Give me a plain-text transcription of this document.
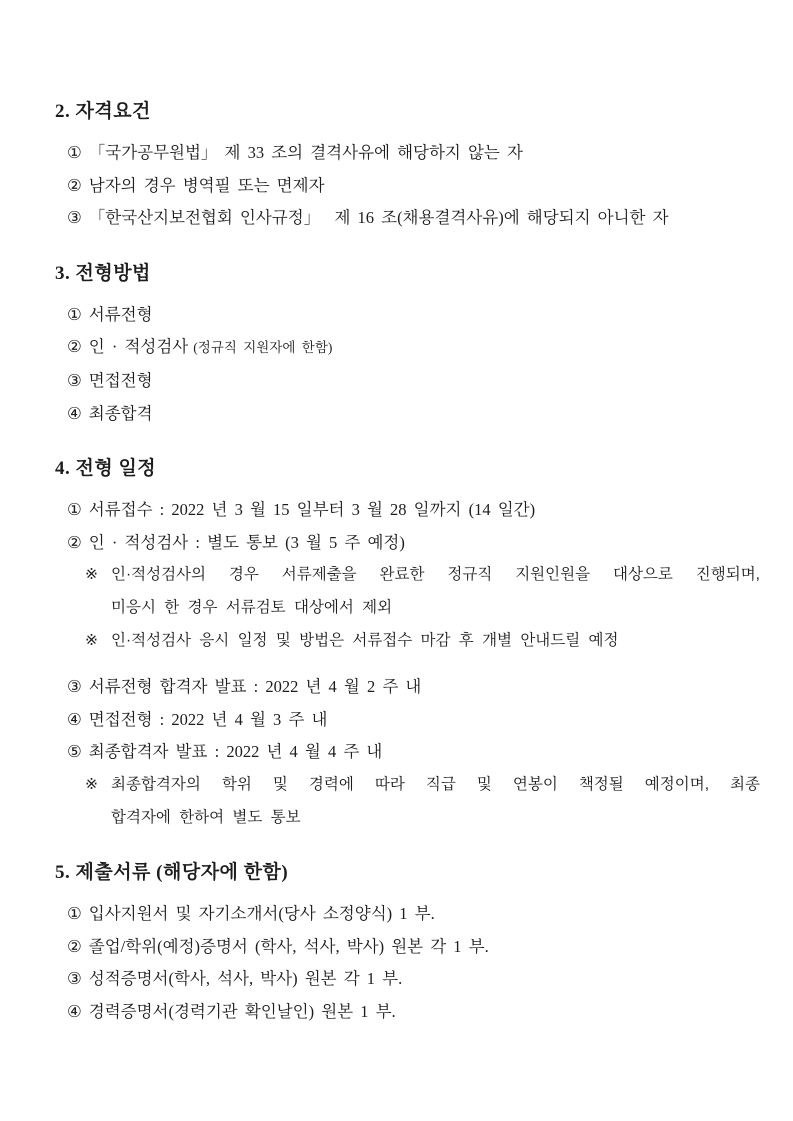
2. 자격요건
① 「국가공무원법」 제 33 조의 결격사유에 해당하지 않는 자
② 남자의 경우 병역필 또는 면제자
③ 「한국산지보전협회 인사규정」  제 16 조(채용결격사유)에 해당되지 아니한 자
3. 전형방법
① 서류전형
② 인 · 적성검사 (정규직 지원자에 한함)
③ 면접전형
④ 최종합격
4. 전형 일정
① 서류접수 : 2022 년 3 월 15 일부터 3 월 28 일까지 (14 일간)
② 인 · 적성검사 : 별도 통보 (3 월 5 주 예정)
※ 인·적성검사의 경우 서류제출을 완료한 정규직 지원인원을 대상으로 진행되며,
미응시 한 경우 서류검토 대상에서 제외
※ 인·적성검사 응시 일정 및 방법은 서류접수 마감 후 개별 안내드릴 예정
③ 서류전형 합격자 발표 : 2022 년 4 월 2 주 내
④ 면접전형 : 2022 년 4 월 3 주 내
⑤ 최종합격자 발표 : 2022 년 4 월 4 주 내
※ 최종합격자의 학위 및 경력에 따라 직급 및 연봉이 책정될 예정이며, 최종
합격자에 한하여 별도 통보
5. 제출서류 (해당자에 한함)
① 입사지원서 및 자기소개서(당사 소정양식) 1 부.
② 졸업/학위(예정)증명서 (학사, 석사, 박사) 원본 각 1 부.
③ 성적증명서(학사, 석사, 박사) 원본 각 1 부.
④ 경력증명서(경력기관 확인날인) 원본 1 부.
